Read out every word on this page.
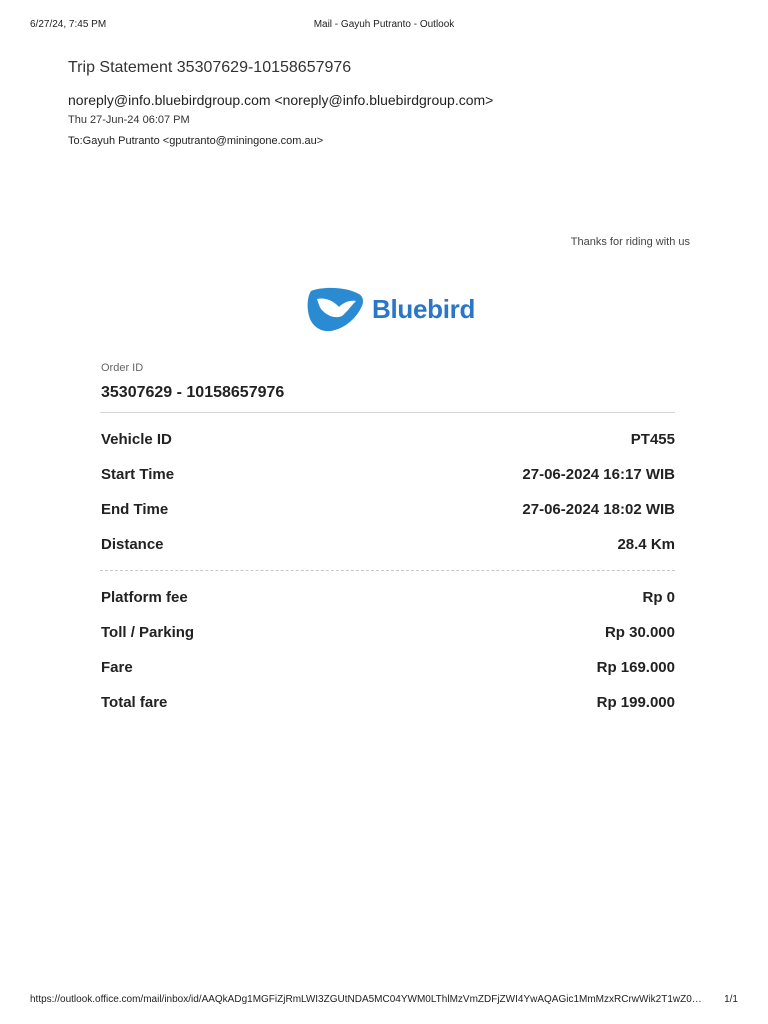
6/27/24, 7:45 PM	Mail - Gayuh Putranto - Outlook
Trip Statement 35307629-10158657976
noreply@info.bluebirdgroup.com <noreply@info.bluebirdgroup.com>
Thu 27-Jun-24 06:07 PM
To:Gayuh Putranto <gputranto@miningone.com.au>
Thanks for riding with us
Bluebird
Order ID
35307629 - 10158657976
Vehicle ID	PT455
Start Time	27-06-2024 16:17 WIB
End Time	27-06-2024 18:02 WIB
Distance	28.4 Km
Platform fee	Rp 0
Toll / Parking	Rp 30.000
Fare	Rp 169.000
Total fare	Rp 199.000
https://outlook.office.com/mail/inbox/id/AAQkADg1MGFiZjRmLWI3ZGUtNDA5MC04YWM0LThlMzVmZDFjZWI4YwAQAGic1MmMzxRCrwWik2T1wZ0…	1/1
